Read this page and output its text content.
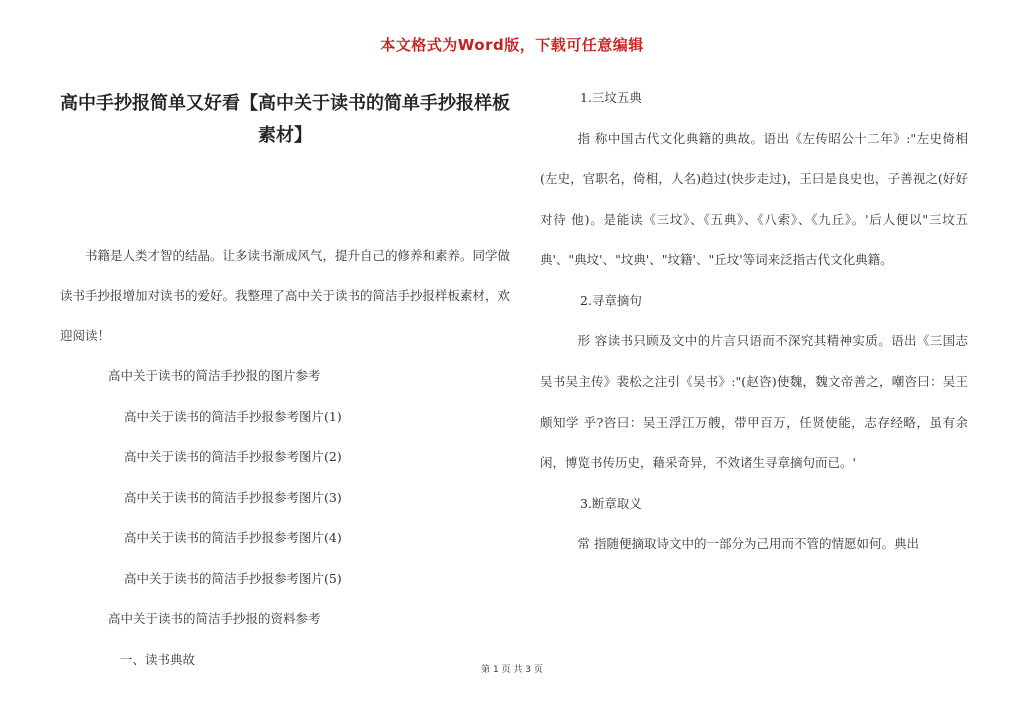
本文格式为Word版，下载可任意编辑
高中手抄报简单又好看【高中关于读书的简单手抄报样板素材】

书籍是人类才智的结晶。让多读书渐成风气，提升自己的修养和素养。同学做读书手抄报增加对读书的爱好。我整理了高中关于读书的简洁手抄报样板素材，欢迎阅读！

高中关于读书的简洁手抄报的图片参考

高中关于读书的简洁手抄报参考图片(1)

高中关于读书的简洁手抄报参考图片(2)

高中关于读书的简洁手抄报参考图片(3)

高中关于读书的简洁手抄报参考图片(4)

高中关于读书的简洁手抄报参考图片(5)

高中关于读书的简洁手抄报的资料参考

一、读书典故

1.三坟五典

指 称中国古代文化典籍的典故。语出《左传昭公十二年》:"左史倚相(左史，官职名，倚相，人名)趋过(快步走过)，王曰是良史也，子善视之(好好对待 他)。是能读《三坟》、《五典》、《八索》、《九丘》。'后人便以"三坟五典'、"典坟'、"坟典'、"坟籍'、"丘坟'等词来泛指古代文化典籍。

2.寻章摘句

形 容读书只顾及文中的片言只语而不深究其精神实质。语出《三国志吴书吴主传》裴松之注引《吴书》:"(赵咨)使魏，魏文帝善之，嘲咨曰：吴王颇知学 乎?咨曰：吴王浮江万艘，带甲百万，任贤使能，志存经略，虽有余闲，博览书传历史，藉采奇异，不效诸生寻章摘句而已。'

3.断章取义

常 指随便摘取诗文中的一部分为己用而不管的情愿如何。典出

第 1 页 共 3 页
